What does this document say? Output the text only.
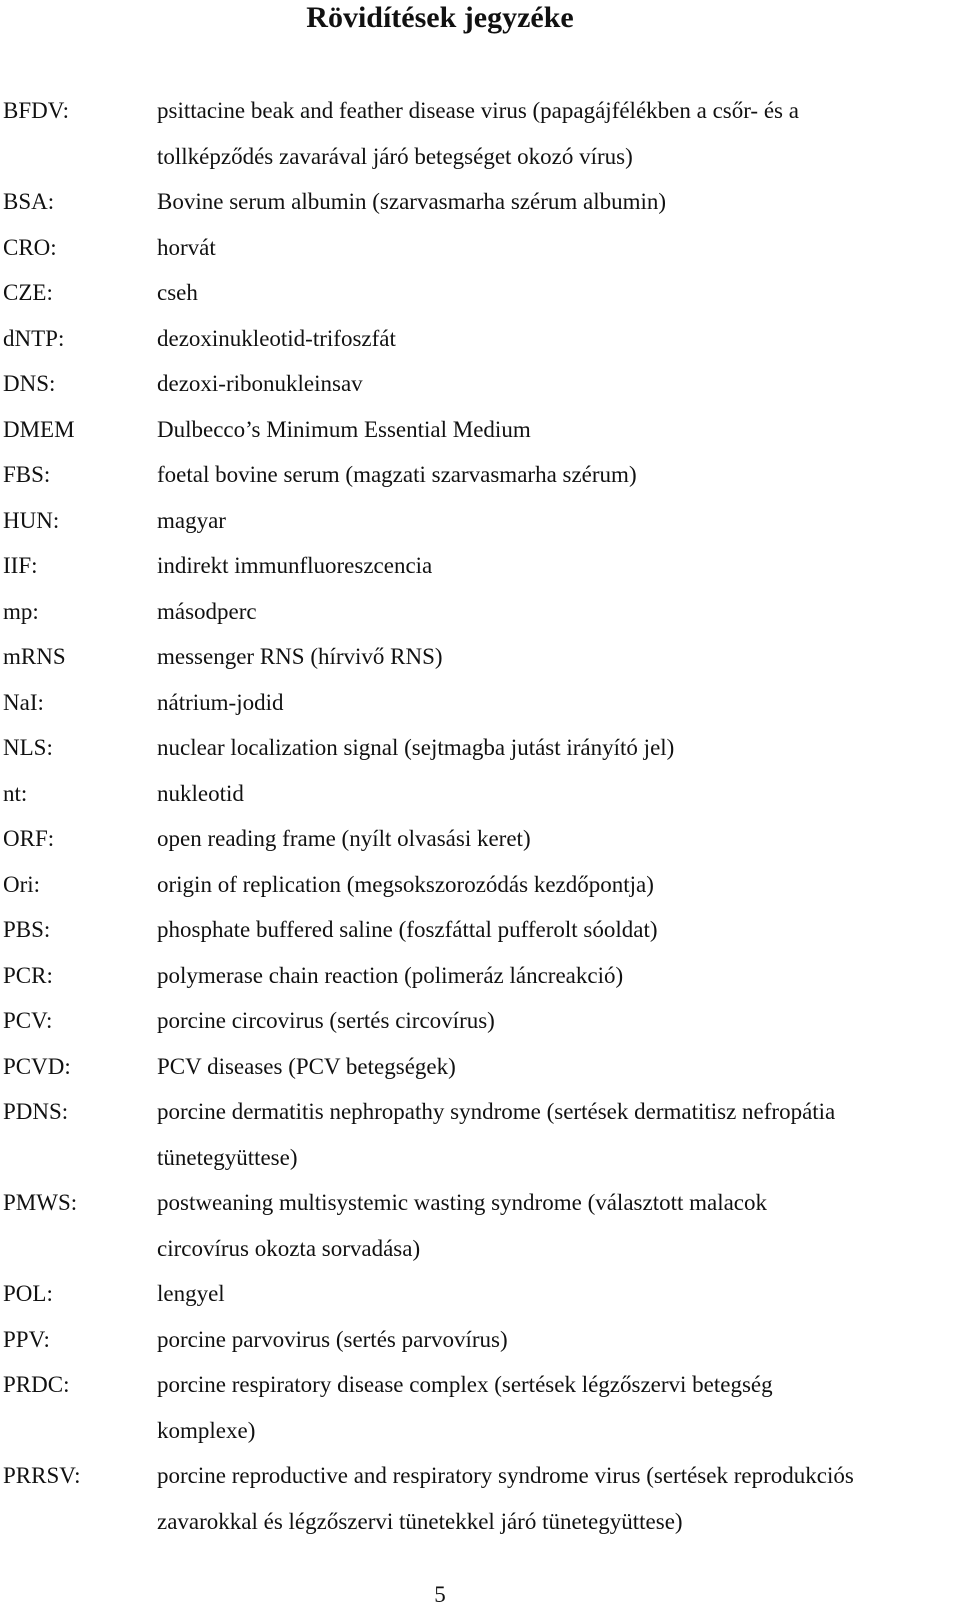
Rövidítések jegyzéke
BFDV:	psittacine beak and feather disease virus (papagájfélékben a csőr- és a
tollképződés zavarával járó betegséget okozó vírus)
BSA:	Bovine serum albumin (szarvasmarha szérum albumin)
CRO:	horvát
CZE:	cseh
dNTP:	dezoxinukleotid-trifoszfát
DNS:	dezoxi-ribonukleinsav
DMEM	Dulbecco’s Minimum Essential Medium
FBS:	foetal bovine serum (magzati szarvasmarha szérum)
HUN:	magyar
IIF:	indirekt immunfluoreszcencia
mp:	másodperc
mRNS	messenger RNS (hírvivő RNS)
NaI:	nátrium-jodid
NLS:	nuclear localization signal (sejtmagba jutást irányító jel)
nt:	nukleotid
ORF:	open reading frame (nyílt olvasási keret)
Ori:	origin of replication (megsokszorozódás kezdőpontja)
PBS:	phosphate buffered saline (foszfáttal pufferolt sóoldat)
PCR:	polymerase chain reaction (polimeráz láncreakció)
PCV:	porcine circovirus (sertés circovírus)
PCVD:	PCV diseases (PCV betegségek)
PDNS:	porcine dermatitis nephropathy syndrome (sertések dermatitisz nefropátia
tünetegyüttese)
PMWS:	postweaning multisystemic wasting syndrome (választott malacok
circovírus okozta sorvadása)
POL:	lengyel
PPV:	porcine parvovirus (sertés parvovírus)
PRDC:	porcine respiratory disease complex (sertések légzőszervi betegség
komplexe)
PRRSV:	porcine reproductive and respiratory syndrome virus (sertések reprodukciós
zavarokkal és légzőszervi tünetekkel járó tünetegyüttese)
5
